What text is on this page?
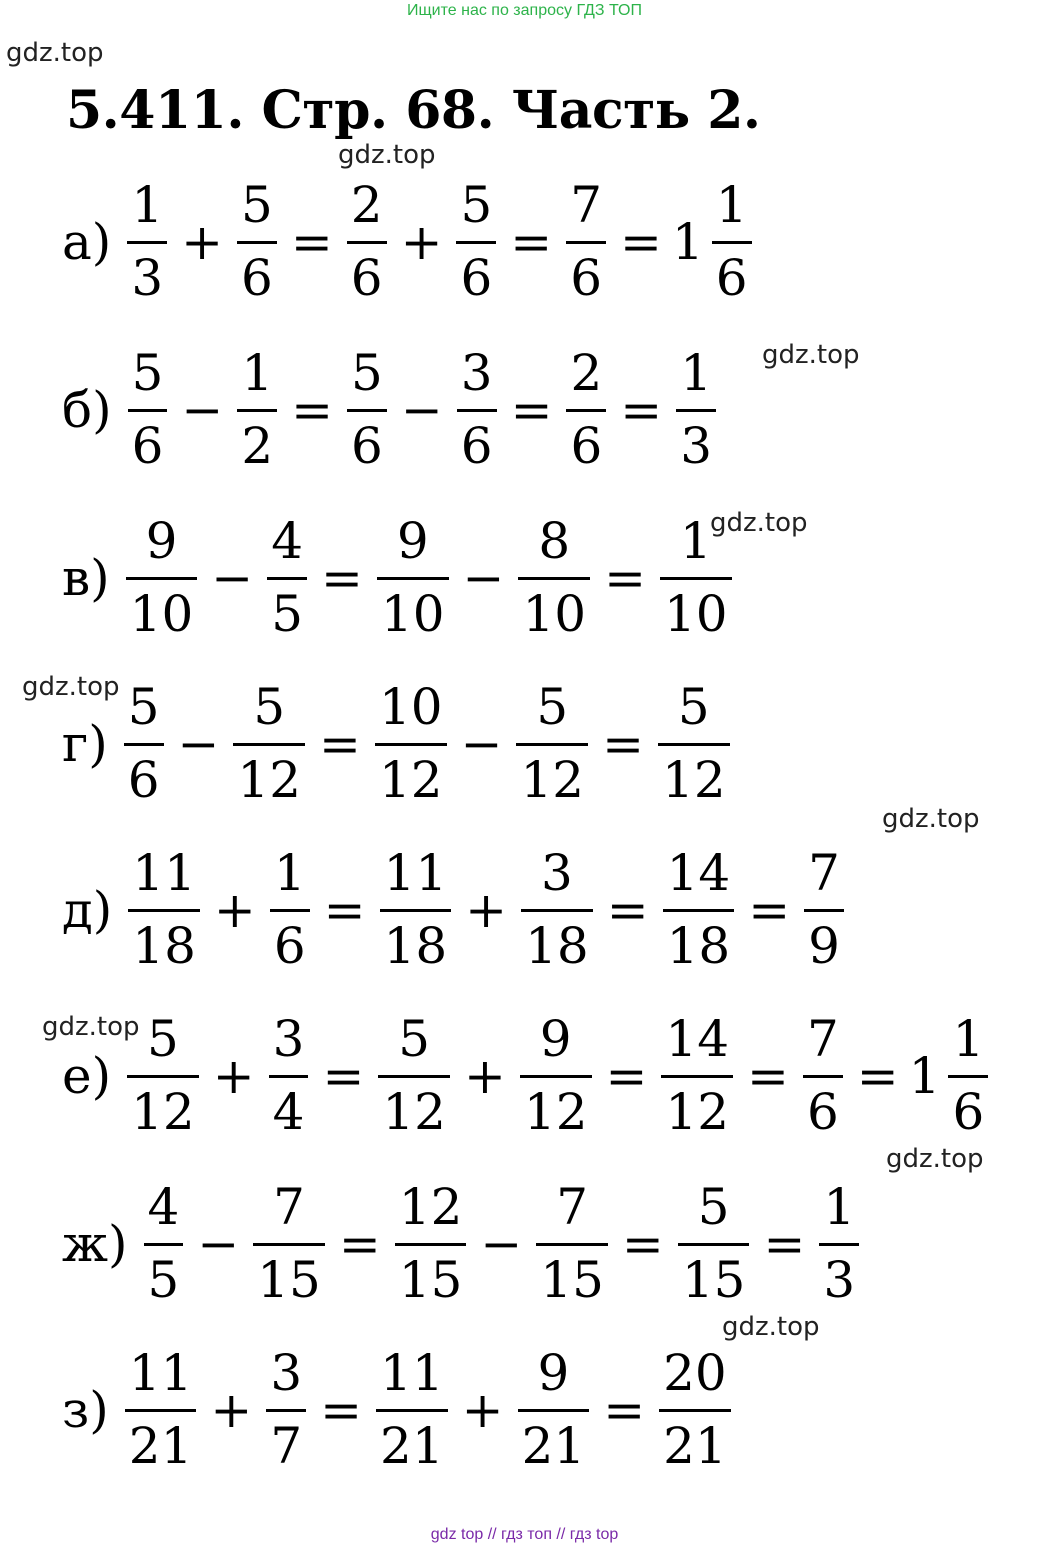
Ищите нас по запросу ГДЗ ТОП
gdz.top
5.411. Стр. 68. Часть 2.
gdz.top
gdz.top
gdz.top
gdz.top
gdz.top
gdz.top
gdz.top
gdz.top
$а) \frac{1}{3} + \frac{5}{6} = \frac{2}{6} + \frac{5}{6} = \frac{7}{6} = 1 \frac{1}{6}$
$б) \frac{5}{6} - \frac{1}{2} = \frac{5}{6} - \frac{3}{6} = \frac{2}{6} = \frac{1}{3}$
$в) \frac{9}{10} - \frac{4}{5} = \frac{9}{10} - \frac{8}{10} = \frac{1}{10}$
$г) \frac{5}{6} - \frac{5}{12} = \frac{10}{12} - \frac{5}{12} = \frac{5}{12}$
$д) \frac{11}{18} + \frac{1}{6} = \frac{11}{18} + \frac{3}{18} = \frac{14}{18} = \frac{7}{9}$
$е) \frac{5}{12} + \frac{3}{4} = \frac{5}{12} + \frac{9}{12} = \frac{14}{12} = \frac{7}{6} = 1 \frac{1}{6}$
$ж) \frac{4}{5} - \frac{7}{15} = \frac{12}{15} - \frac{7}{15} = \frac{5}{15} = \frac{1}{3}$
$з) \frac{11}{21} + \frac{3}{7} = \frac{11}{21} + \frac{9}{21} = \frac{20}{21}$
gdz top // гдз топ // гдз top
